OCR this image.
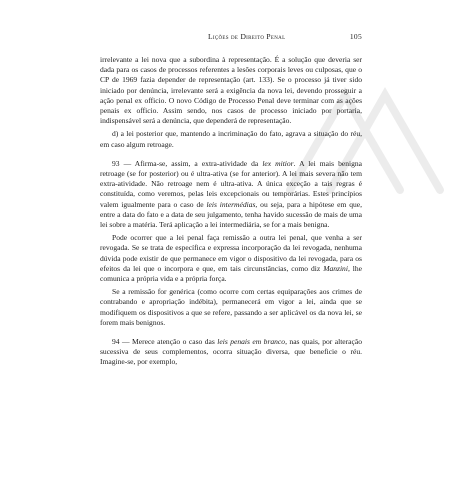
Lições de Direito Penal	105

irrelevante a lei nova que a subordina à representação. É a solução que deveria ser dada para os casos de processos referentes a lesões corporais leves ou culposas, que o CP de 1969 fazia depender de representação (art. 133). Se o processo já tiver sido iniciado por denúncia, irrelevante será a exigência da nova lei, devendo prosseguir a ação penal ex officio. O novo Código de Processo Penal deve terminar com as ações penais ex officio. Assim sendo, nos casos de processo iniciado por portaria, indispensável será a denúncia, que dependerá de representação.

d) a lei posterior que, mantendo a incriminação do fato, agrava a situação do réu, em caso algum retroage.

93 — Afirma-se, assim, a extra-atividade da lex mitior. A lei mais benigna retroage (se for posterior) ou é ultra-ativa (se for anterior). A lei mais severa não tem extra-atividade. Não retroage nem é ultra-ativa. A única exceção a tais regras é constituída, como veremos, pelas leis excepcionais ou temporárias. Estes princípios valem igualmente para o caso de leis intermédias, ou seja, para a hipótese em que, entre a data do fato e a data de seu julgamento, tenha havido sucessão de mais de uma lei sobre a matéria. Terá aplicação a lei intermediária, se for a mais benigna.

Pode ocorrer que a lei penal faça remissão a outra lei penal, que venha a ser revogada. Se se trata de específica e expressa incorporação da lei revogada, nenhuma dúvida pode existir de que permanece em vigor o dispositivo da lei revogada, para os efeitos da lei que o incorpora e que, em tais circunstâncias, como diz Manzini, lhe comunica a própria vida e a própria força.

Se a remissão for genérica (como ocorre com certas equiparações aos crimes de contrabando e apropriação indébita), permanecerá em vigor a lei, ainda que se modifiquem os dispositivos a que se refere, passando a ser aplicável os da nova lei, se forem mais benignos.

94 — Merece atenção o caso das leis penais em branco, nas quais, por alteração sucessiva de seus complementos, ocorra situação diversa, que beneficie o réu. Imagine-se, por exemplo,
